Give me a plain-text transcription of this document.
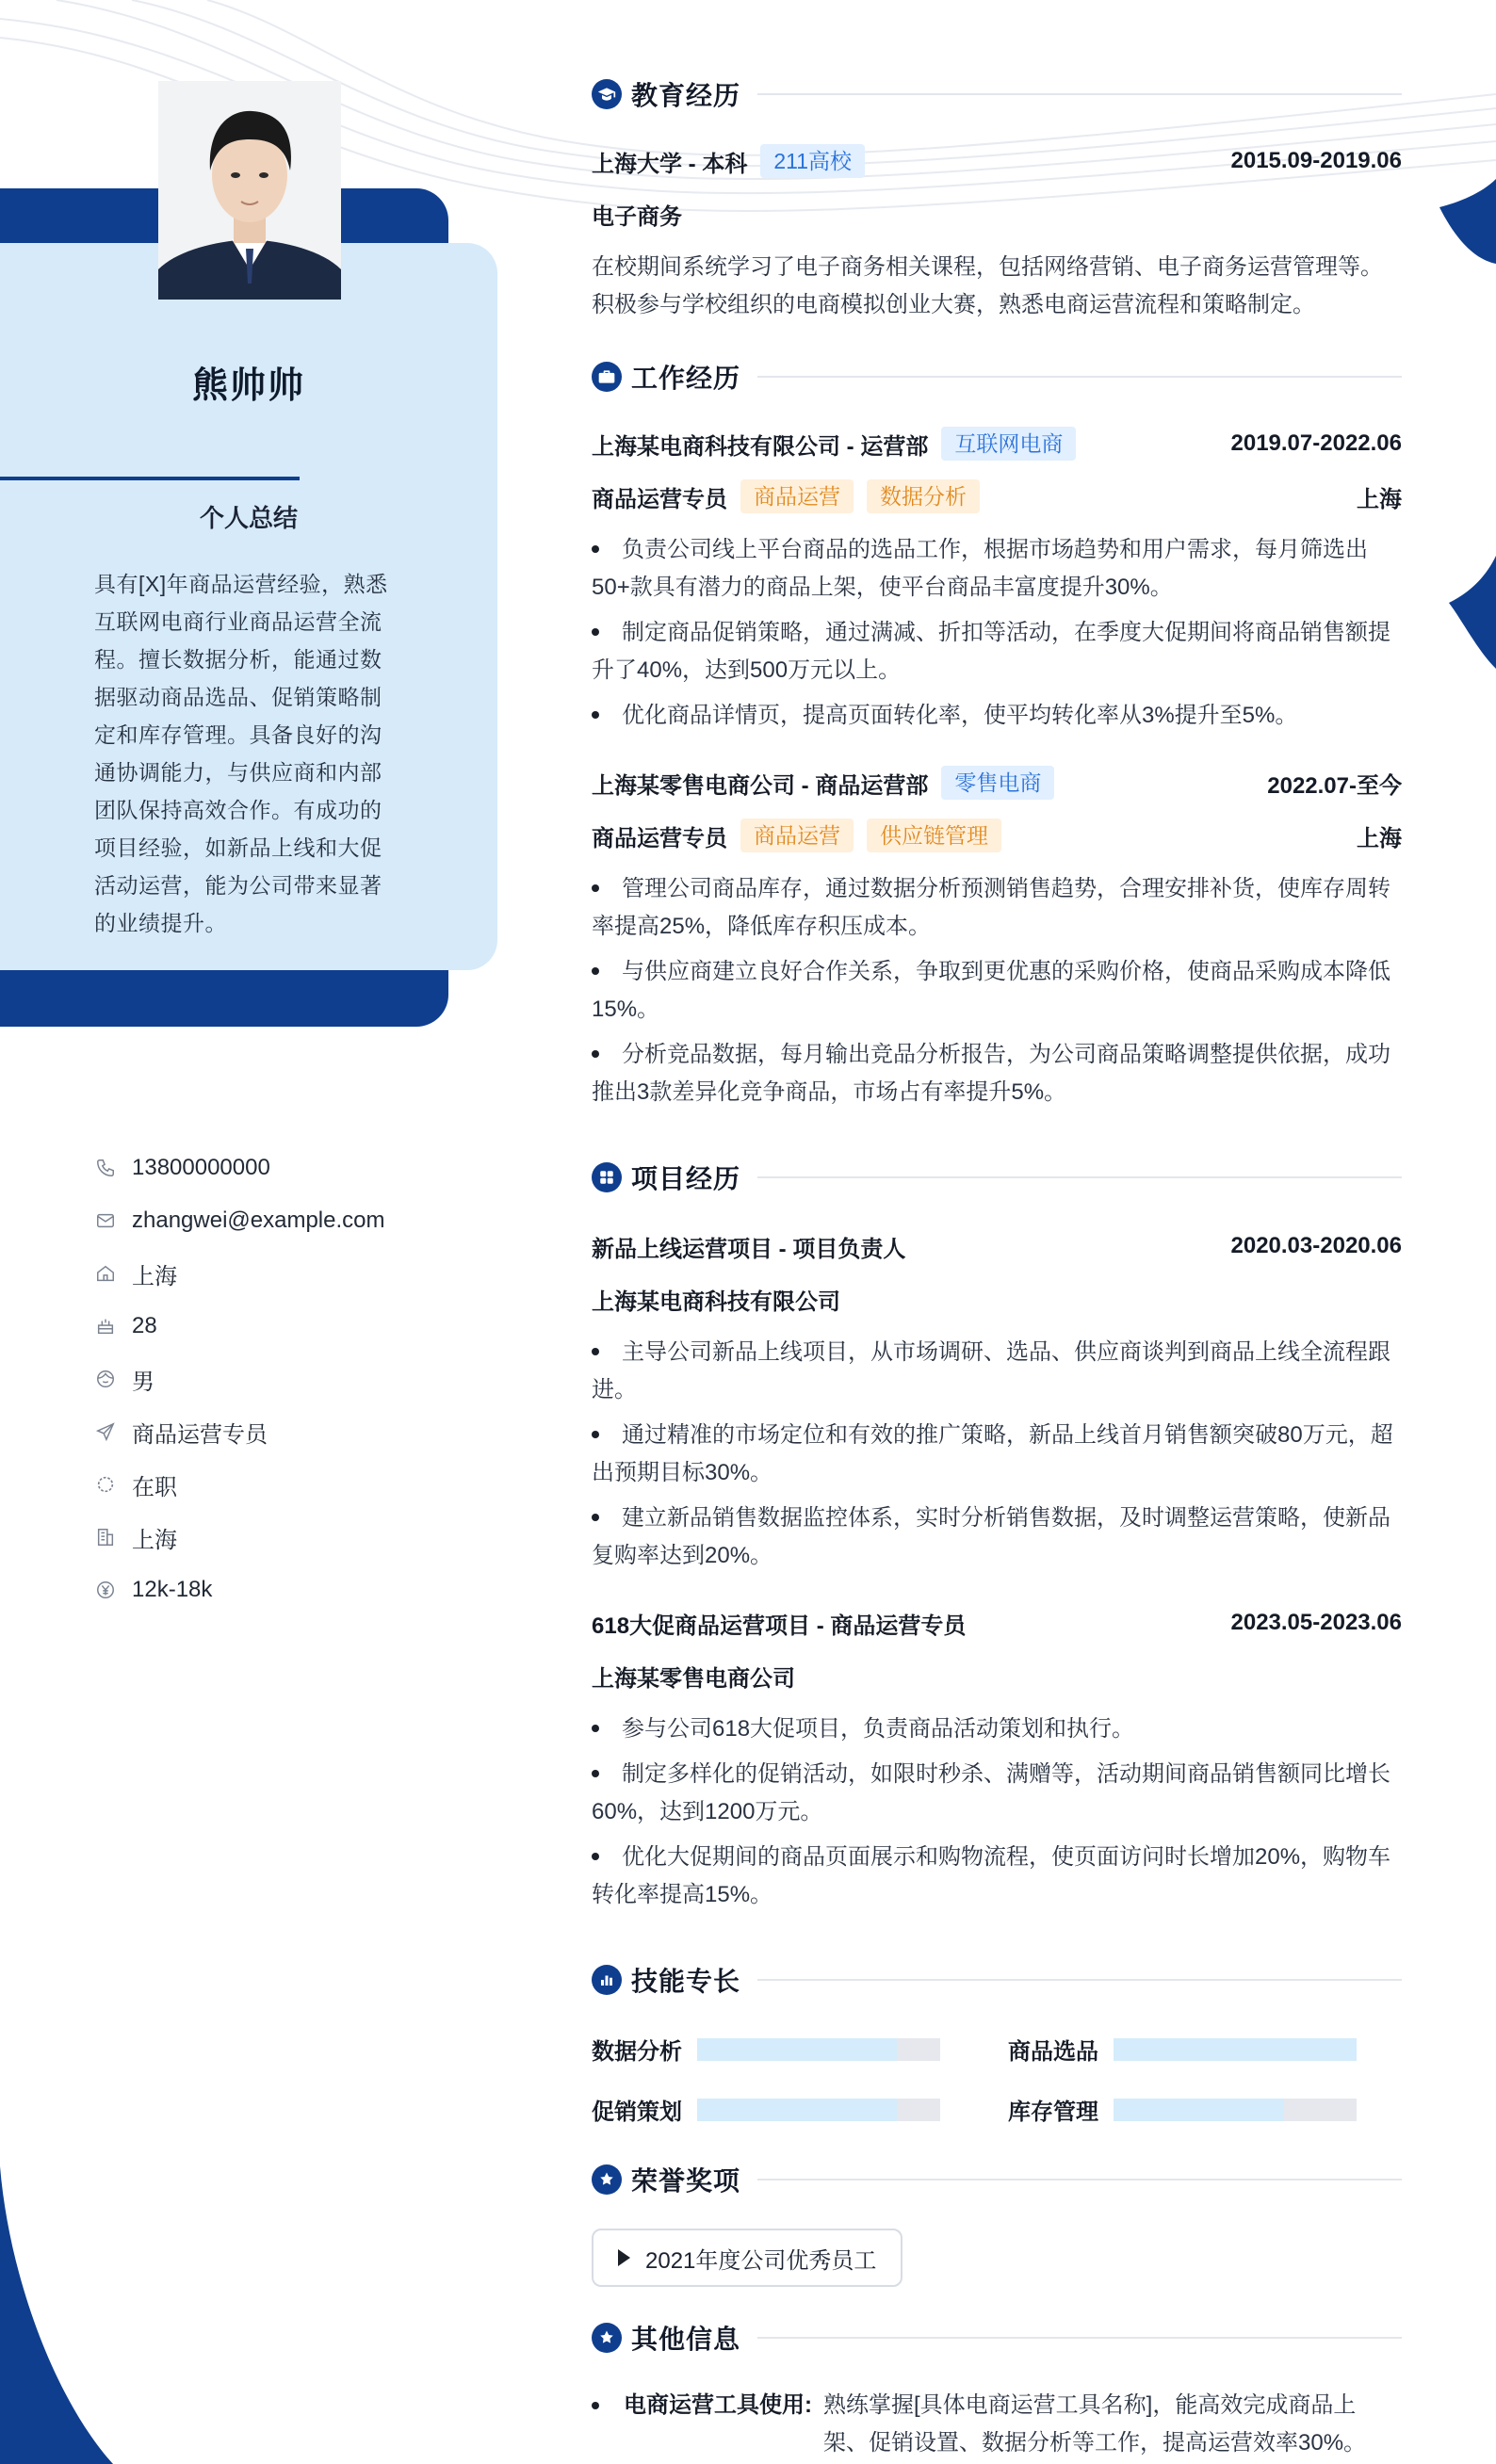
熊帅帅
个人总结
具有[X]年商品运营经验，熟悉互联网电商行业商品运营全流程。擅长数据分析，能通过数据驱动商品选品、促销策略制定和库存管理。具备良好的沟通协调能力，与供应商和内部团队保持高效合作。有成功的项目经验，如新品上线和大促活动运营，能为公司带来显著的业绩提升。
13800000000
zhangwei@example.com
上海
28
男
商品运营专员
在职
上海
12k-18k
教育经历
上海大学 - 本科	211高校	2015.09-2019.06
电子商务
在校期间系统学习了电子商务相关课程，包括网络营销、电子商务运营管理等。积极参与学校组织的电商模拟创业大赛，熟悉电商运营流程和策略制定。
工作经历
上海某电商科技有限公司 - 运营部	互联网电商	2019.07-2022.06
商品运营专员	商品运营	数据分析	上海
负责公司线上平台商品的选品工作，根据市场趋势和用户需求，每月筛选出50+款具有潜力的商品上架，使平台商品丰富度提升30%。
制定商品促销策略，通过满减、折扣等活动，在季度大促期间将商品销售额提升了40%，达到500万元以上。
优化商品详情页，提高页面转化率，使平均转化率从3%提升至5%。
上海某零售电商公司 - 商品运营部	零售电商	2022.07-至今
商品运营专员	商品运营	供应链管理	上海
管理公司商品库存，通过数据分析预测销售趋势，合理安排补货，使库存周转率提高25%，降低库存积压成本。
与供应商建立良好合作关系，争取到更优惠的采购价格，使商品采购成本降低15%。
分析竞品数据，每月输出竞品分析报告，为公司商品策略调整提供依据，成功推出3款差异化竞争商品，市场占有率提升5%。
项目经历
新品上线运营项目 - 项目负责人	2020.03-2020.06
上海某电商科技有限公司
主导公司新品上线项目，从市场调研、选品、供应商谈判到商品上线全流程跟进。
通过精准的市场定位和有效的推广策略，新品上线首月销售额突破80万元，超出预期目标30%。
建立新品销售数据监控体系，实时分析销售数据，及时调整运营策略，使新品复购率达到20%。
618大促商品运营项目 - 商品运营专员	2023.05-2023.06
上海某零售电商公司
参与公司618大促项目，负责商品活动策划和执行。
制定多样化的促销活动，如限时秒杀、满赠等，活动期间商品销售额同比增长60%，达到1200万元。
优化大促期间的商品页面展示和购物流程，使页面访问时长增加20%，购物车转化率提高15%。
技能专长
数据分析	商品选品
促销策划	库存管理
荣誉奖项
2021年度公司优秀员工
其他信息
电商运营工具使用: 熟练掌握[具体电商运营工具名称]，能高效完成商品上架、促销设置、数据分析等工作，提高运营效率30%。
